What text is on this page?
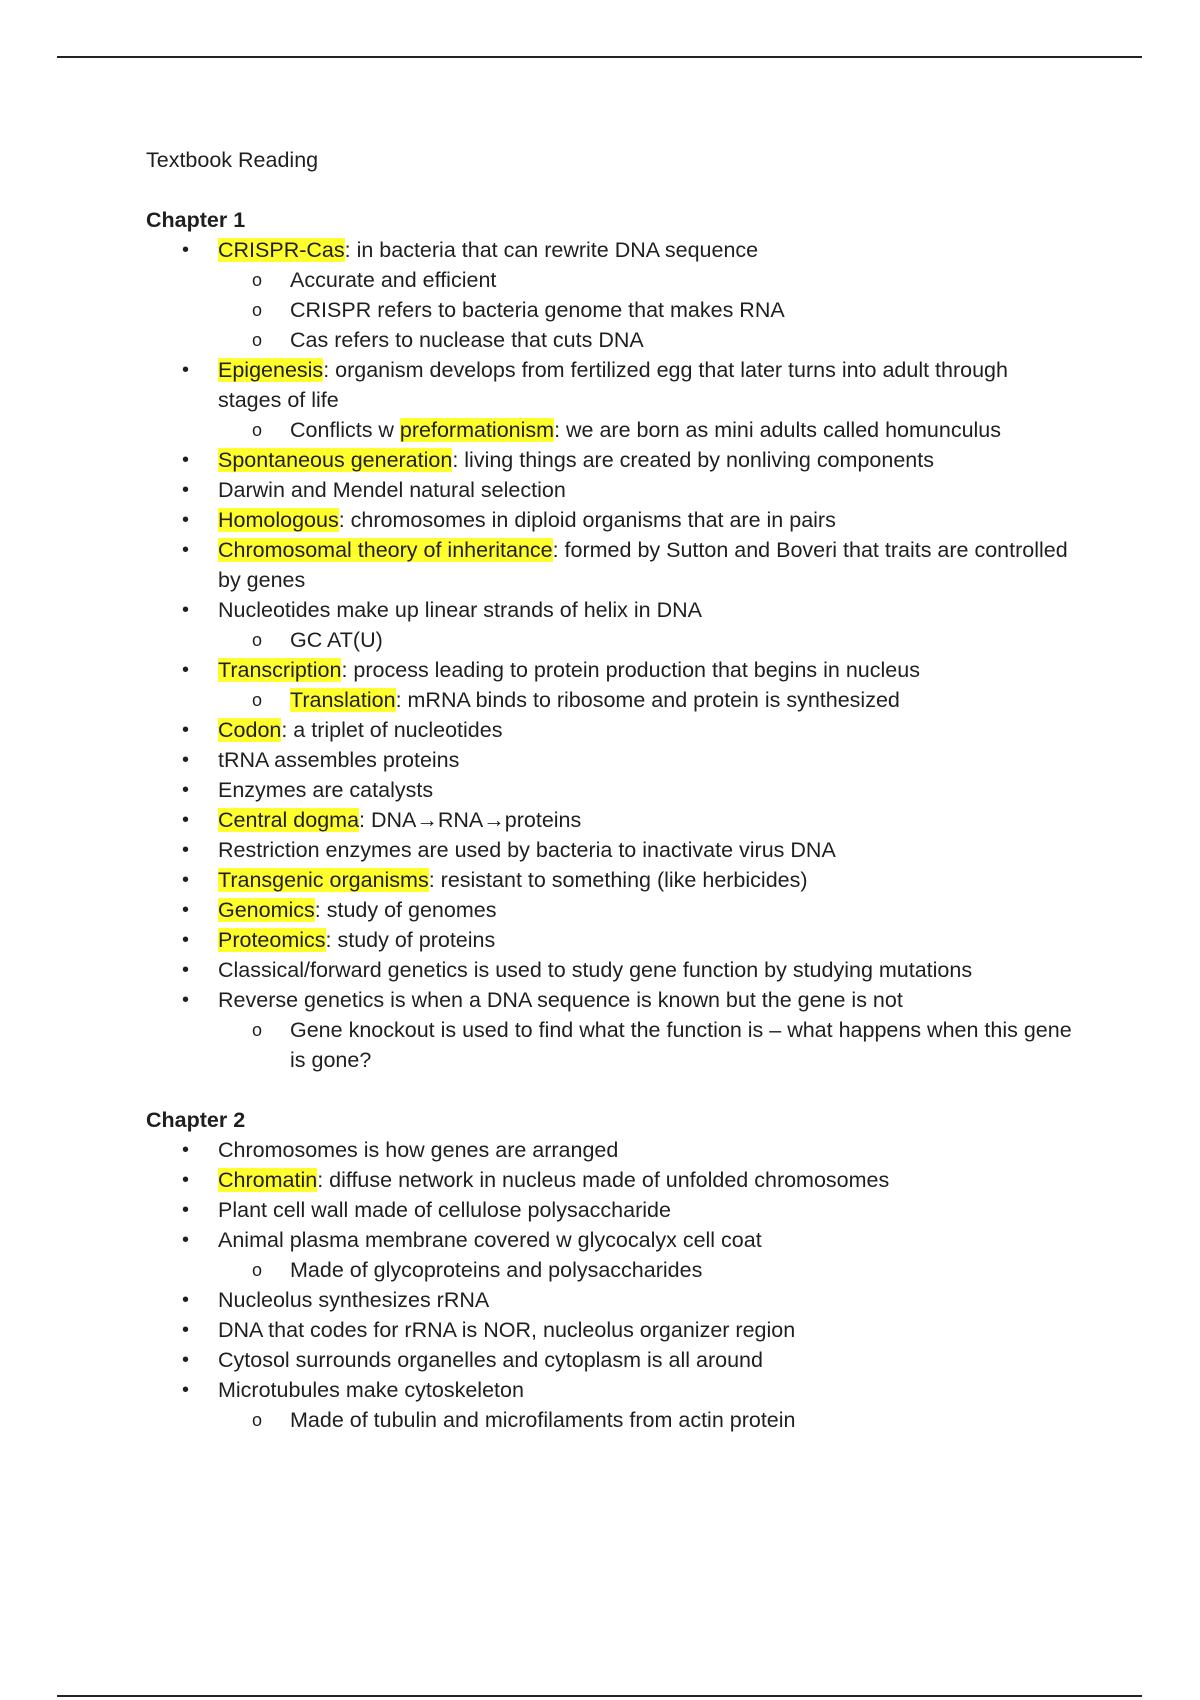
Textbook Reading

Chapter 1

• CRISPR-Cas: in bacteria that can rewrite DNA sequence
o Accurate and efficient
o CRISPR refers to bacteria genome that makes RNA
o Cas refers to nuclease that cuts DNA
• Epigenesis: organism develops from fertilized egg that later turns into adult through stages of life
o Conflicts w preformationism: we are born as mini adults called homunculus
• Spontaneous generation: living things are created by nonliving components
• Darwin and Mendel natural selection
• Homologous: chromosomes in diploid organisms that are in pairs
• Chromosomal theory of inheritance: formed by Sutton and Boveri that traits are controlled by genes
• Nucleotides make up linear strands of helix in DNA
o GC AT(U)
• Transcription: process leading to protein production that begins in nucleus
o Translation: mRNA binds to ribosome and protein is synthesized
• Codon: a triplet of nucleotides
• tRNA assembles proteins
• Enzymes are catalysts
• Central dogma: DNA→RNA→proteins
• Restriction enzymes are used by bacteria to inactivate virus DNA
• Transgenic organisms: resistant to something (like herbicides)
• Genomics: study of genomes
• Proteomics: study of proteins
• Classical/forward genetics is used to study gene function by studying mutations
• Reverse genetics is when a DNA sequence is known but the gene is not
o Gene knockout is used to find what the function is – what happens when this gene is gone?

Chapter 2

• Chromosomes is how genes are arranged
• Chromatin: diffuse network in nucleus made of unfolded chromosomes
• Plant cell wall made of cellulose polysaccharide
• Animal plasma membrane covered w glycocalyx cell coat
o Made of glycoproteins and polysaccharides
• Nucleolus synthesizes rRNA
• DNA that codes for rRNA is NOR, nucleolus organizer region
• Cytosol surrounds organelles and cytoplasm is all around
• Microtubules make cytoskeleton
o Made of tubulin and microfilaments from actin protein
